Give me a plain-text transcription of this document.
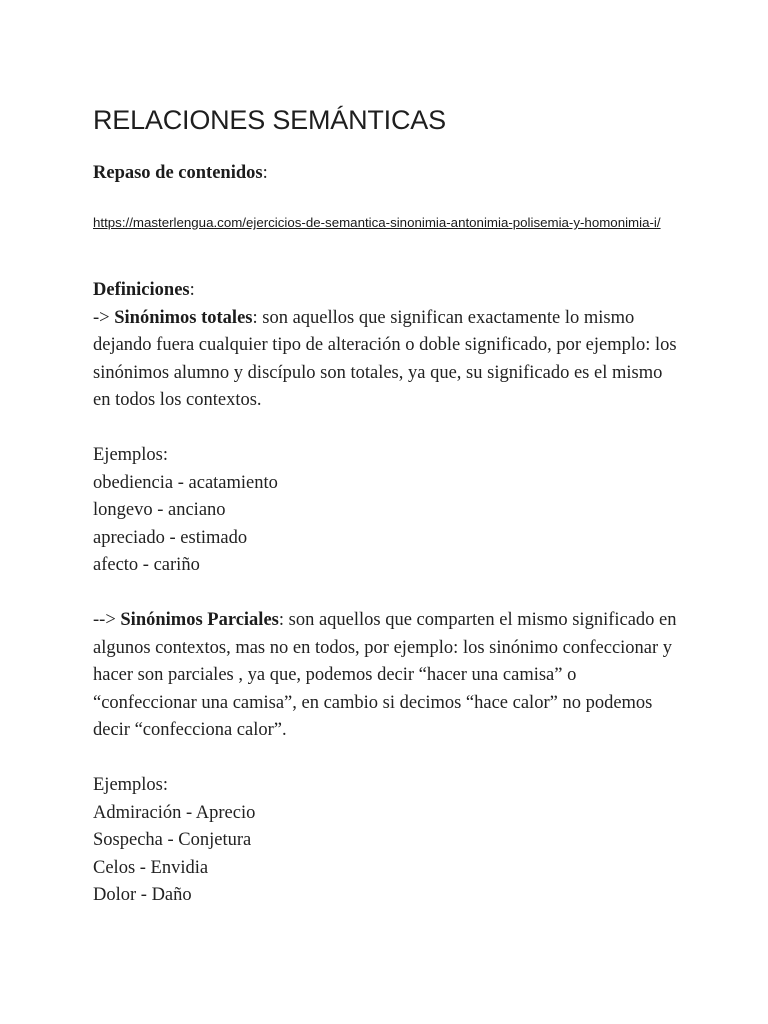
RELACIONES SEMÁNTICAS

Repaso de contenidos:

https://masterlengua.com/ejercicios-de-semantica-sinonimia-antonimia-polisemia-y-homonimia-i/

Definiciones:

-> Sinónimos totales: son aquellos que significan exactamente lo mismo dejando fuera cualquier tipo de alteración o doble significado, por ejemplo: los sinónimos alumno y discípulo son totales, ya que, su significado es el mismo en todos los contextos.

Ejemplos:

obediencia - acatamiento

longevo - anciano

apreciado - estimado

afecto - cariño

--> Sinónimos Parciales: son aquellos que comparten el mismo significado en algunos contextos, mas no en todos, por ejemplo: los sinónimo confeccionar y hacer son parciales , ya que, podemos decir “hacer una camisa” o “confeccionar una camisa”, en cambio si decimos “hace calor” no podemos decir “confecciona calor”.

Ejemplos:

Admiración - Aprecio

Sospecha - Conjetura

Celos - Envidia

Dolor - Daño
